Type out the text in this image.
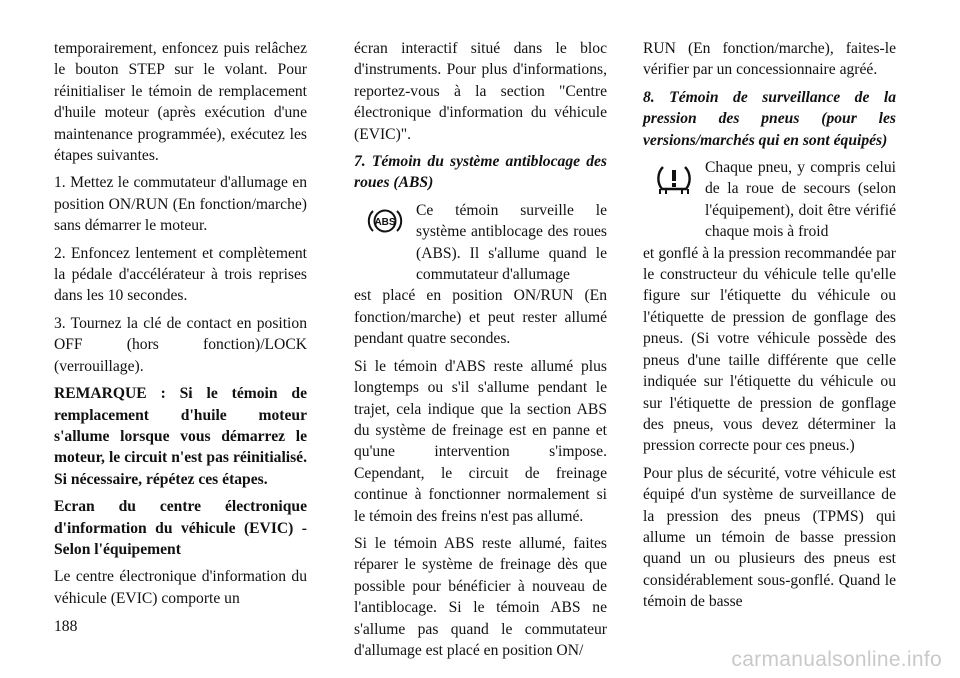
temporairement, enfoncez puis relâchez le bouton STEP sur le volant. Pour réinitialiser le témoin de remplacement d'huile moteur (après exécution d'une maintenance programmée), exécutez les étapes suivantes.

1. Mettez le commutateur d'allumage en position ON/RUN (En fonction/marche) sans démarrer le moteur.

2. Enfoncez lentement et complètement la pédale d'accélérateur à trois reprises dans les 10 secondes.

3. Tournez la clé de contact en position OFF (hors fonction)/LOCK (verrouillage).

REMARQUE : Si le témoin de remplacement d'huile moteur s'allume lorsque vous démarrez le moteur, le circuit n'est pas réinitialisé. Si nécessaire, répétez ces étapes.

Ecran du centre électronique d'information du véhicule (EVIC) - Selon l'équipement

Le centre électronique d'information du véhicule (EVIC) comporte un

écran interactif situé dans le bloc d'instruments. Pour plus d'informations, reportez-vous à la section "Centre électronique d'information du véhicule (EVIC)".

7. Témoin du système antiblocage des roues (ABS)

ABS
Ce témoin surveille le système antiblocage des roues (ABS). Il s'allume quand le commutateur d'allumage

est placé en position ON/RUN (En fonction/marche) et peut rester allumé pendant quatre secondes.

Si le témoin d'ABS reste allumé plus longtemps ou s'il s'allume pendant le trajet, cela indique que la section ABS du système de freinage est en panne et qu'une intervention s'impose. Cependant, le circuit de freinage continue à fonctionner normalement si le témoin des freins n'est pas allumé.

Si le témoin ABS reste allumé, faites réparer le système de freinage dès que possible pour bénéficier à nouveau de l'antiblocage. Si le témoin ABS ne s'allume pas quand le commutateur d'allumage est placé en position ON/

RUN (En fonction/marche), faites-le vérifier par un concessionnaire agréé.

8. Témoin de surveillance de la pression des pneus (pour les versions/marchés qui en sont équipés)

Chaque pneu, y compris celui de la roue de secours (selon l'équipement), doit être vérifié chaque mois à froid

et gonflé à la pression recommandée par le constructeur du véhicule telle qu'elle figure sur l'étiquette du véhicule ou l'étiquette de pression de gonflage des pneus. (Si votre véhicule possède des pneus d'une taille différente que celle indiquée sur l'étiquette du véhicule ou sur l'étiquette de pression de gonflage des pneus, vous devez déterminer la pression correcte pour ces pneus.)

Pour plus de sécurité, votre véhicule est équipé d'un système de surveillance de la pression des pneus (TPMS) qui allume un témoin de basse pression quand un ou plusieurs des pneus est considérablement sous-gonflé. Quand le témoin de basse

188
carmanualsonline.info
